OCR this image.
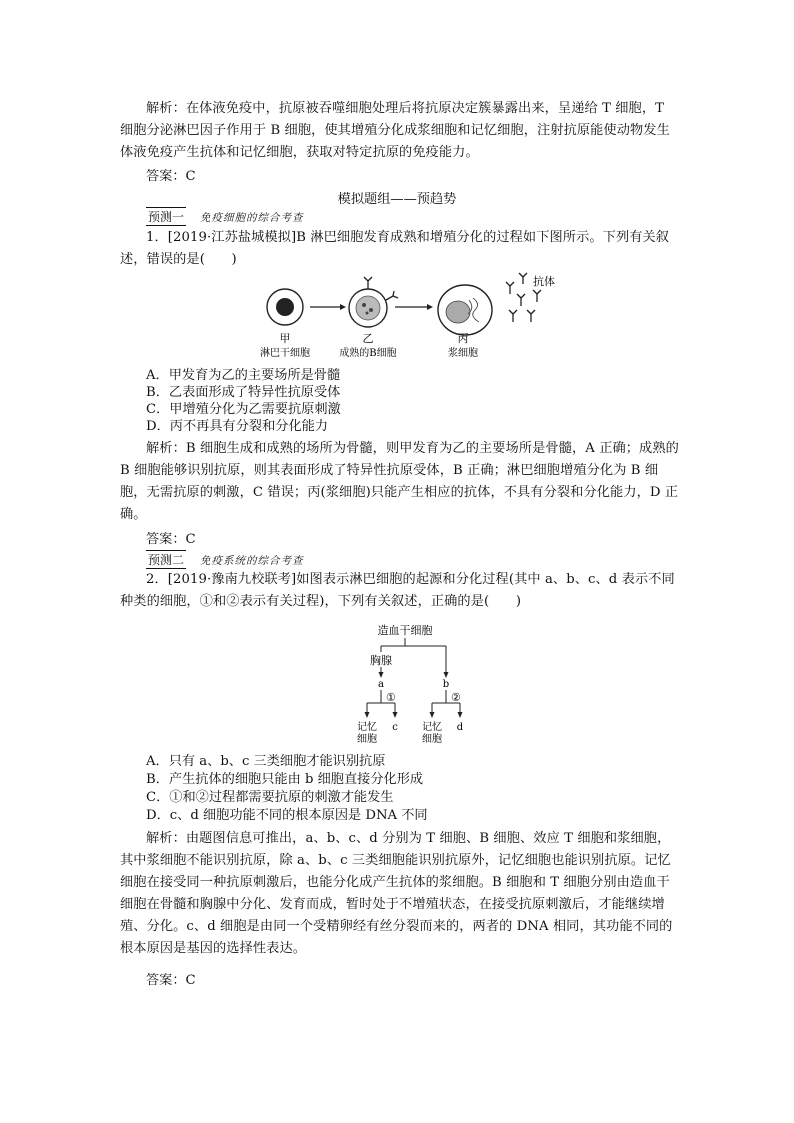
解析：在体液免疫中，抗原被吞噬细胞处理后将抗原决定簇暴露出来，呈递给 T 细胞，T 细胞分泌淋巴因子作用于 B 细胞，使其增殖分化成浆细胞和记忆细胞，注射抗原能使动物发生体液免疫产生抗体和记忆细胞，获取对特定抗原的免疫能力。

答案：C
模拟题组——预趋势
预测一 免疫细胞的综合考查

1．[2019·江苏盐城模拟]B 淋巴细胞发育成熟和增殖分化的过程如下图所示。下列有关叙述，错误的是(　　)

抗体
甲
淋巴干细胞
乙
成熟的B细胞
丙
浆细胞
A．甲发育为乙的主要场所是骨髓
B．乙表面形成了特异性抗原受体
C．甲增殖分化为乙需要抗原刺激
D．丙不再具有分裂和分化能力

解析：B 细胞生成和成熟的场所为骨髓，则甲发育为乙的主要场所是骨髓，A 正确；成熟的 B 细胞能够识别抗原，则其表面形成了特异性抗原受体，B 正确；淋巴细胞增殖分化为 B 细胞，无需抗原的刺激，C 错误；丙(浆细胞)只能产生相应的抗体，不具有分裂和分化能力，D 正确。

答案：C
预测二 免疫系统的综合考查

2．[2019·豫南九校联考]如图表示淋巴细胞的起源和分化过程(其中 a、b、c、d 表示不同种类的细胞，①和②表示有关过程)，下列有关叙述，正确的是(　　)

造血干细胞
胸腺
a	b
①	②
记忆
细胞
c 记忆
细胞
d
A．只有 a、b、c 三类细胞才能识别抗原
B．产生抗体的细胞只能由 b 细胞直接分化形成
C．①和②过程都需要抗原的刺激才能发生
D．c、d 细胞功能不同的根本原因是 DNA 不同

解析：由题图信息可推出，a、b、c、d 分别为 T 细胞、B 细胞、效应 T 细胞和浆细胞，其中浆细胞不能识别抗原，除 a、b、c 三类细胞能识别抗原外，记忆细胞也能识别抗原。记忆细胞在接受同一种抗原刺激后，也能分化成产生抗体的浆细胞。B 细胞和 T 细胞分别由造血干细胞在骨髓和胸腺中分化、发育而成，暂时处于不增殖状态，在接受抗原刺激后，才能继续增殖、分化。c、d 细胞是由同一个受精卵经有丝分裂而来的，两者的 DNA 相同，其功能不同的根本原因是基因的选择性表达。

答案：C
